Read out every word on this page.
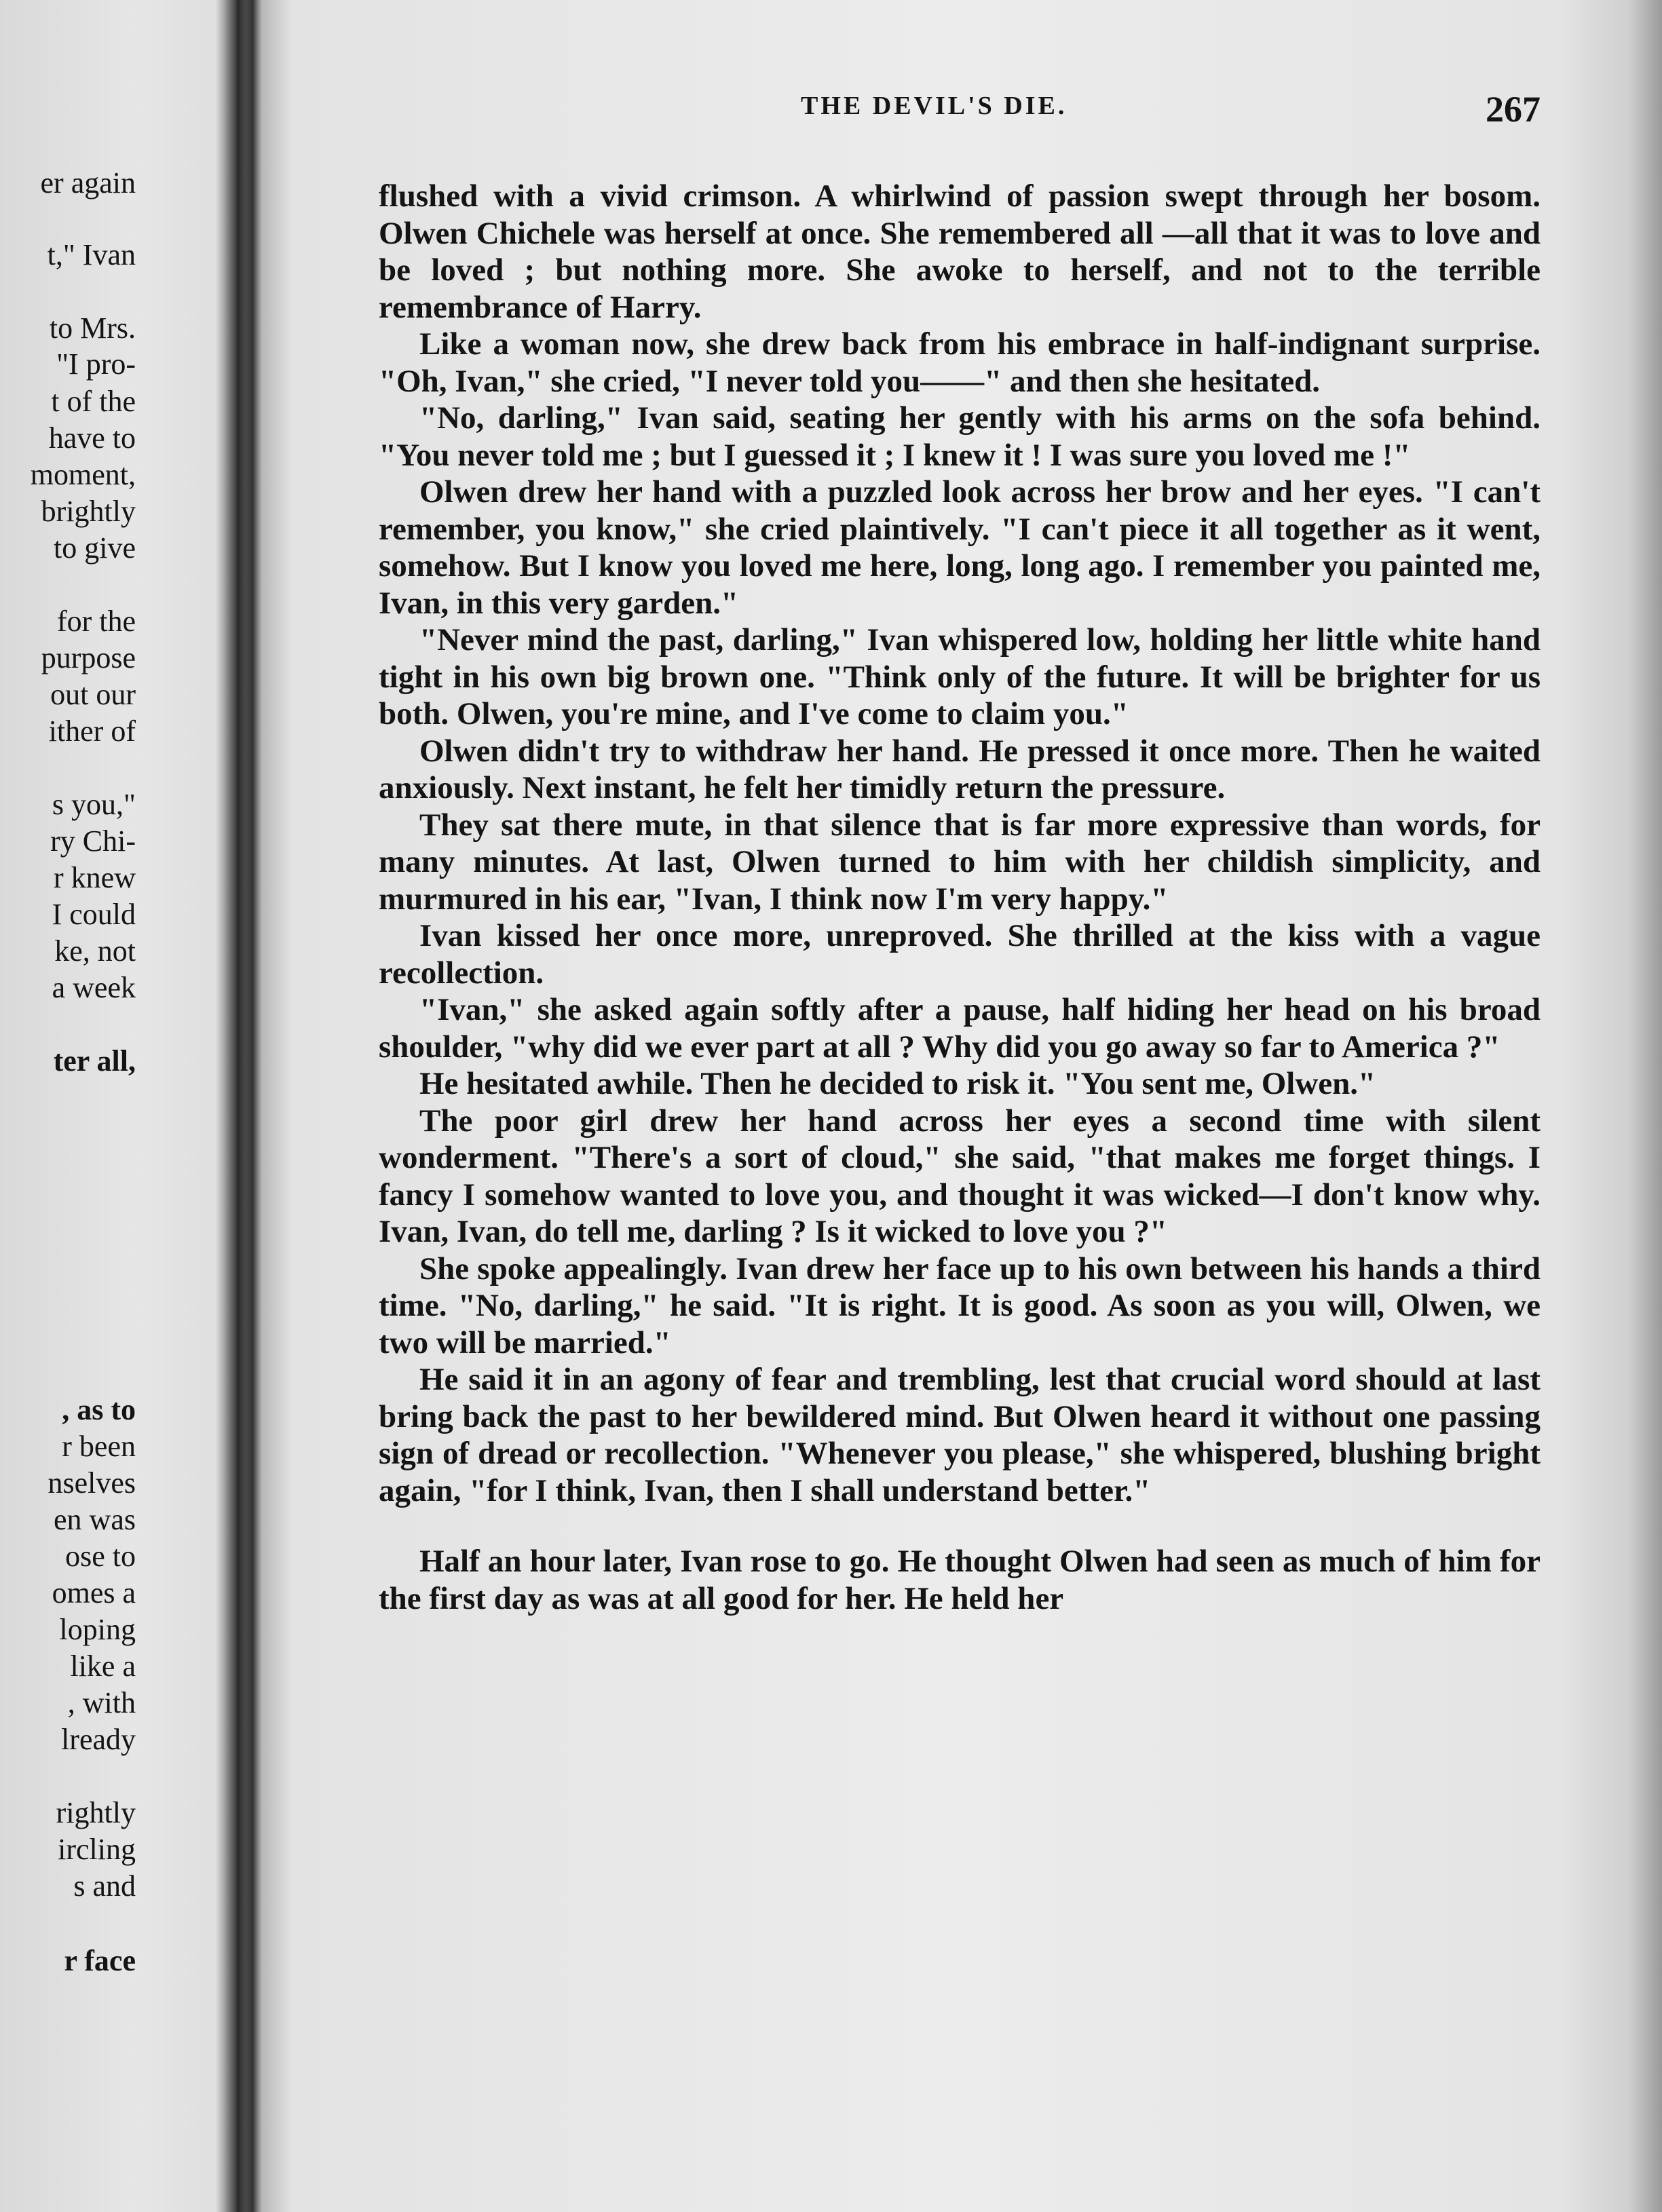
er again
t," Ivan
to Mrs.
"I pro-
t of the
have to
moment,
brightly
to give
for the
purpose
out our
ither of
s you,"
ry Chi-
r knew
I could
ke, not
a week
ter all,
, as to
r been
nselves
en was
ose to
omes a
loping
like a
, with
lready
rightly
ircling
s and
r face
THE DEVIL'S DIE.	267

flushed with a vivid crimson. A whirlwind of passion swept through her bosom. Olwen Chichele was herself at once. She remembered all —all that it was to love and be loved ; but nothing more. She awoke to herself, and not to the terrible remembrance of Harry.

Like a woman now, she drew back from his embrace in half-indignant surprise. "Oh, Ivan," she cried, "I never told you——" and then she hesitated.

"No, darling," Ivan said, seating her gently with his arms on the sofa behind. "You never told me ; but I guessed it ; I knew it ! I was sure you loved me !"

Olwen drew her hand with a puzzled look across her brow and her eyes. "I can't remember, you know," she cried plaintively. "I can't piece it all together as it went, somehow. But I know you loved me here, long, long ago. I remember you painted me, Ivan, in this very garden."

"Never mind the past, darling," Ivan whispered low, holding her little white hand tight in his own big brown one. "Think only of the future. It will be brighter for us both. Olwen, you're mine, and I've come to claim you."

Olwen didn't try to withdraw her hand. He pressed it once more. Then he waited anxiously. Next instant, he felt her timidly return the pressure.

They sat there mute, in that silence that is far more expressive than words, for many minutes. At last, Olwen turned to him with her childish simplicity, and murmured in his ear, "Ivan, I think now I'm very happy."

Ivan kissed her once more, unreproved. She thrilled at the kiss with a vague recollection.

"Ivan," she asked again softly after a pause, half hiding her head on his broad shoulder, "why did we ever part at all ? Why did you go away so far to America ?"

He hesitated awhile. Then he decided to risk it. "You sent me, Olwen."

The poor girl drew her hand across her eyes a second time with silent wonderment. "There's a sort of cloud," she said, "that makes me forget things. I fancy I somehow wanted to love you, and thought it was wicked—I don't know why. Ivan, Ivan, do tell me, darling ? Is it wicked to love you ?"

She spoke appealingly. Ivan drew her face up to his own between his hands a third time. "No, darling," he said. "It is right. It is good. As soon as you will, Olwen, we two will be married."

He said it in an agony of fear and trembling, lest that crucial word should at last bring back the past to her bewildered mind. But Olwen heard it without one passing sign of dread or recollection. "Whenever you please," she whispered, blushing bright again, "for I think, Ivan, then I shall understand better."

Half an hour later, Ivan rose to go. He thought Olwen had seen as much of him for the first day as was at all good for her. He held her
